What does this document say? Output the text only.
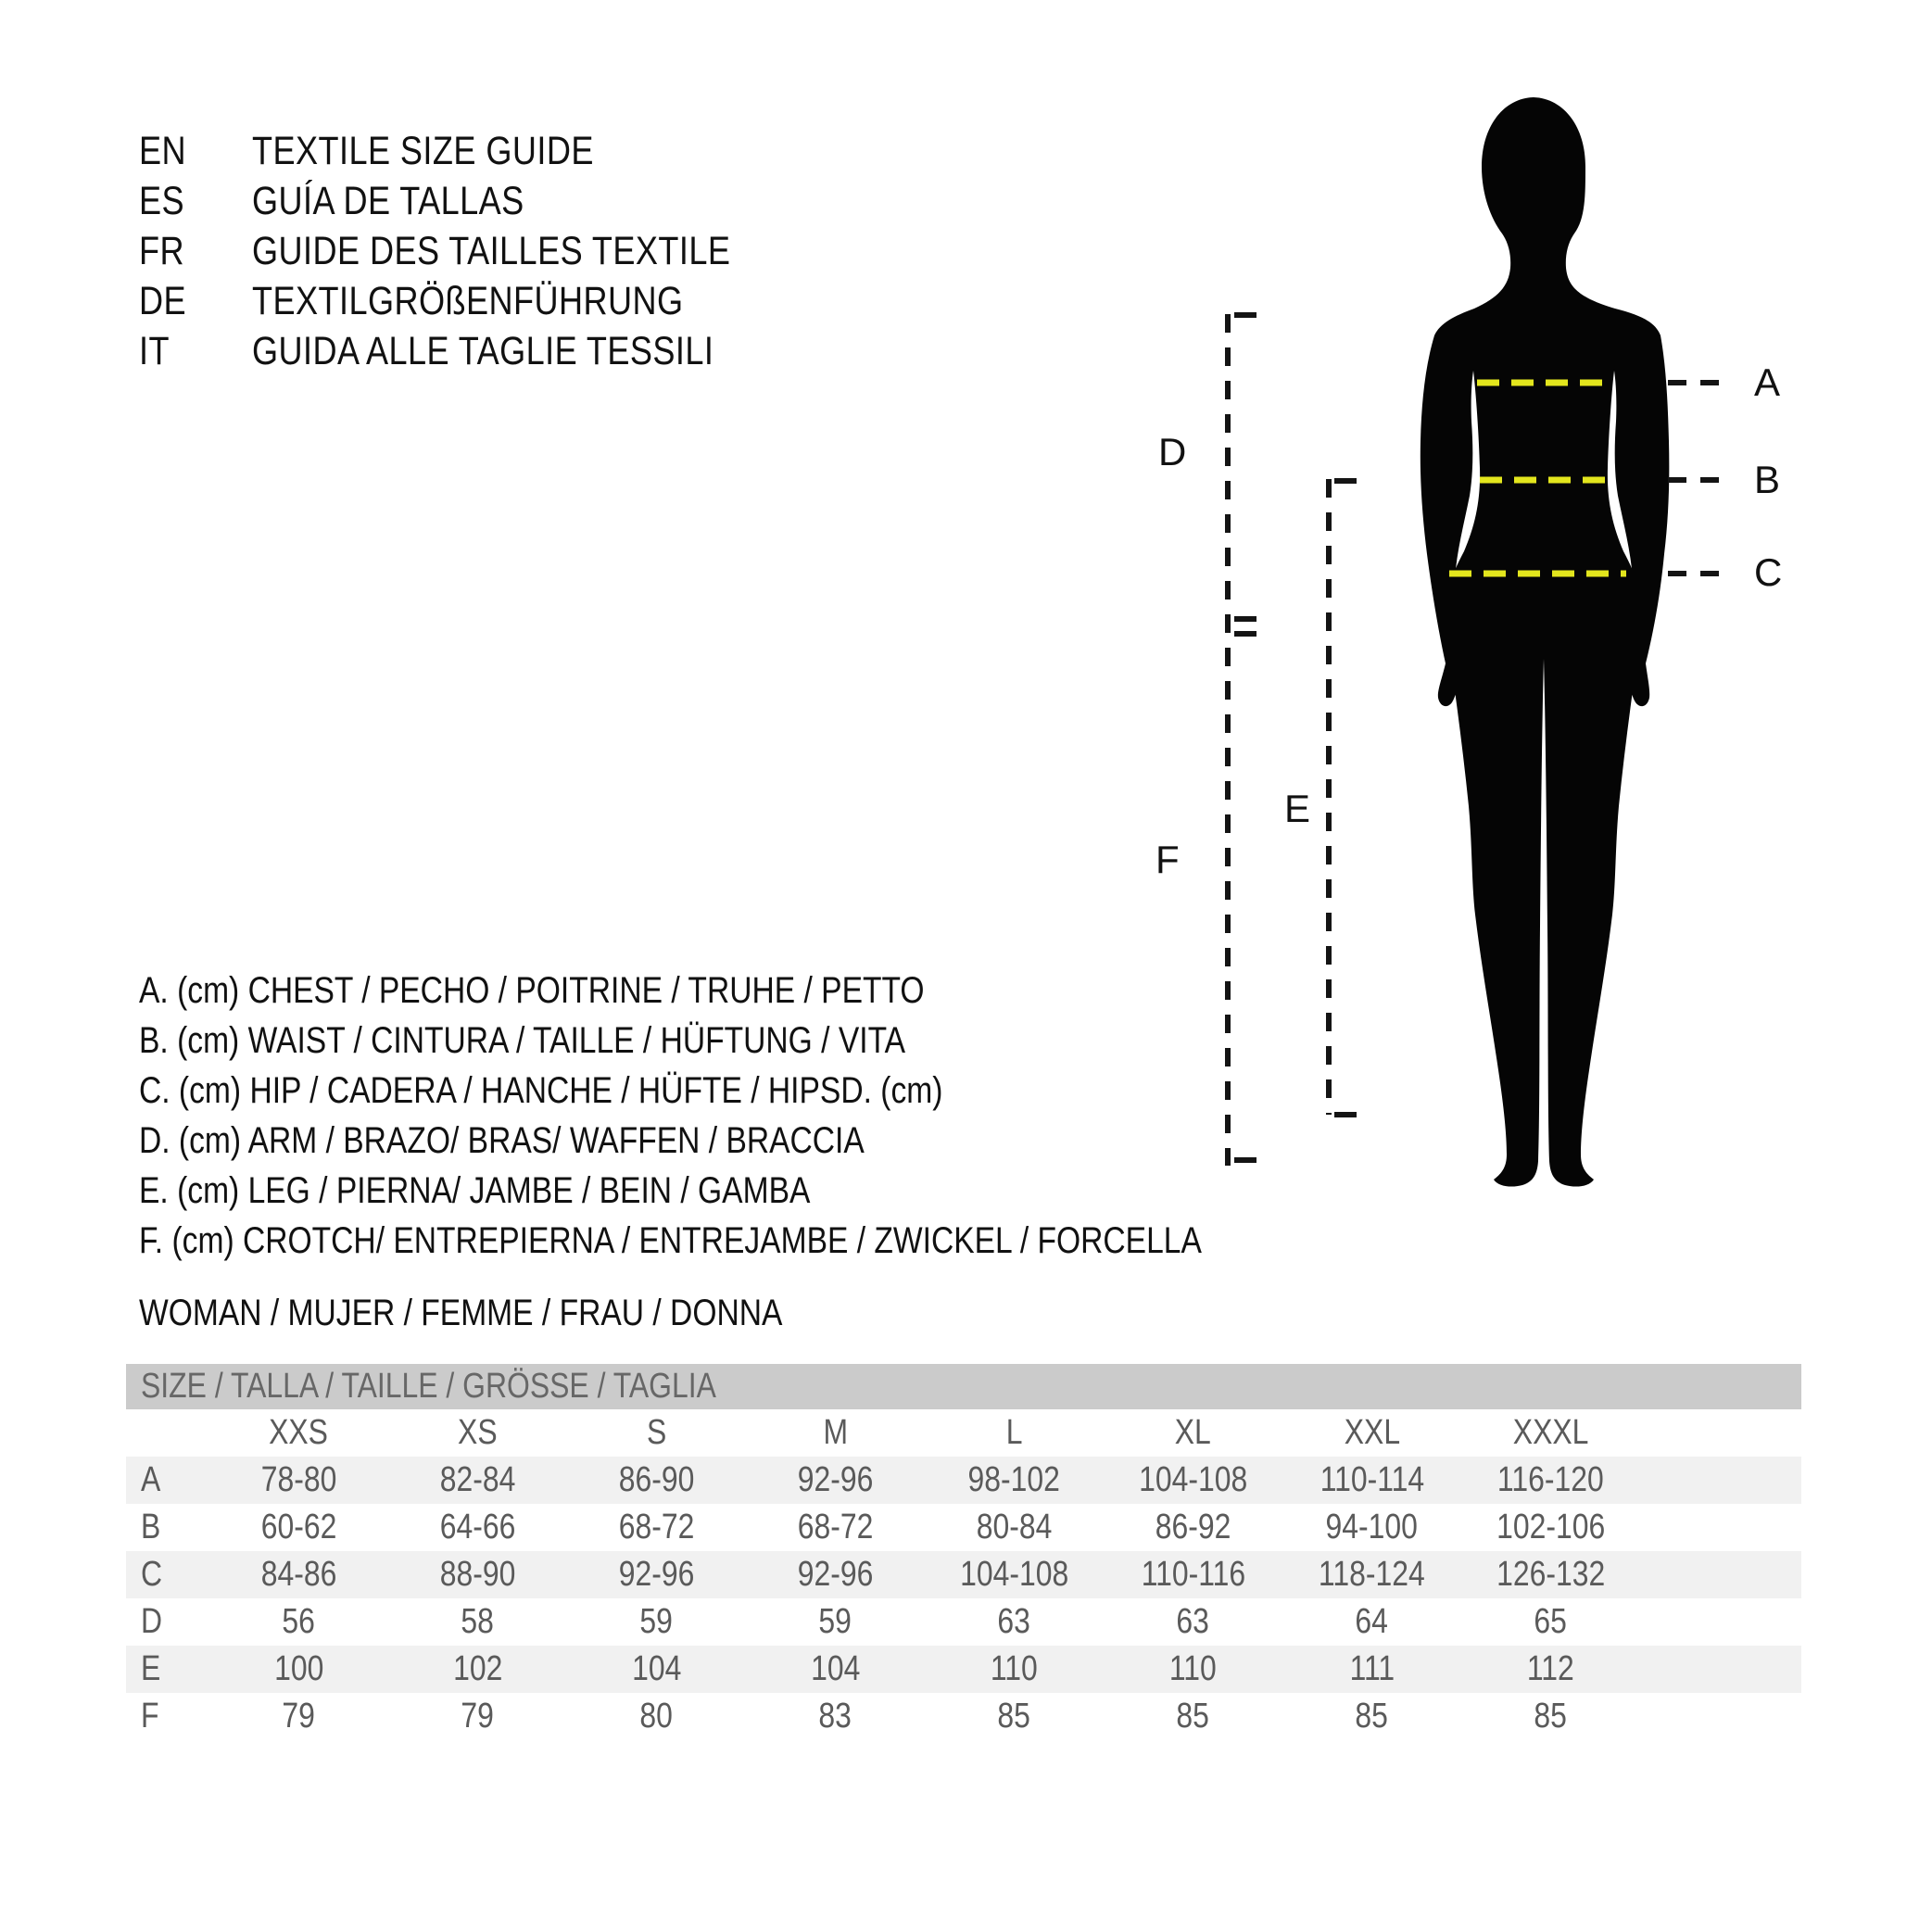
EN TEXTILE SIZE GUIDE
ES GUÍA DE TALLAS
FR GUIDE DES TAILLES TEXTILE
DE TEXTILGRÖßENFÜHRUNG
IT GUIDA ALLE TAGLIE TESSILI
A
B
C
D
E
F
A. (cm) CHEST / PECHO / POITRINE / TRUHE / PETTO
B. (cm) WAIST / CINTURA / TAILLE / HÜFTUNG / VITA
C. (cm) HIP / CADERA / HANCHE / HÜFTE / HIPSD. (cm)
D. (cm) ARM / BRAZO/ BRAS/ WAFFEN / BRACCIA
E. (cm) LEG / PIERNA/ JAMBE / BEIN / GAMBA
F. (cm) CROTCH/ ENTREPIERNA / ENTREJAMBE / ZWICKEL / FORCELLA
WOMAN / MUJER / FEMME / FRAU / DONNA
SIZE / TALLA / TAILLE / GRÖSSE / TAGLIA
XXS	XS	S	M	L	XL	XXL	XXXL
A	78-80	82-84	86-90	92-96	98-102	104-108	110-114	116-120
B	60-62	64-66	68-72	68-72	80-84	86-92	94-100	102-106
C	84-86	88-90	92-96	92-96	104-108	110-116	118-124	126-132
D	56	58	59	59	63	63	64	65
E	100	102	104	104	110	110	111	112
F	79	79	80	83	85	85	85	85
